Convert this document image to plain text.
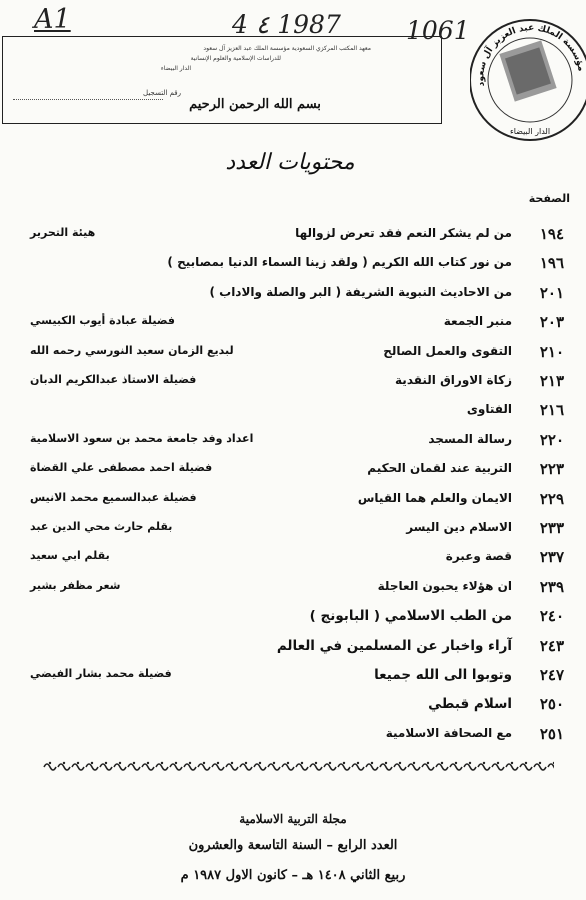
A1	4 ٤ 1987	1061
معهد المكتب المركزي السعودية مؤسسة الملك عبد العزيز آل سعود
للدراسات الإسلامية والعلوم الإنسانية
الدار البيضاء
رقم التسجيل
بسم الله الرحمن الرحيم
مؤسسة الملك عبد العزيز آل سعود
الدار البيضاء
محتويات العدد
الصفحة
١٩٤
من لم يشكر النعم فقد تعرض لزوالها
هيئة التحرير
١٩٦
من نور كتاب الله الكريم ( ولقد زينا السماء الدنيا بمصابيح )
٢٠١
من الاحاديث النبوية الشريفة ( البر والصلة والاداب )
٢٠٣
منبر الجمعة
فضيلة عبادة أيوب الكبيسي
٢١٠
التقوى والعمل الصالح
لبديع الزمان سعيد النورسي رحمه الله
٢١٣
زكاة الاوراق النقدية
فضيلة الاستاذ عبدالكريم الدبان
٢١٦
الفتاوى
٢٢٠
رسالة المسجد
اعداد وفد جامعة محمد بن سعود الاسلامية
٢٢٣
التربية عند لقمان الحكيم
فضيلة احمد مصطفى علي القضاة
٢٢٩
الايمان والعلم هما القياس
فضيلة عبدالسميع محمد الانيس
٢٣٣
الاسلام دين اليسر
بقلم حارث محي الدين عبد
٢٣٧
قصة وعبرة
بقلم ابي سعيد
٢٣٩
ان هؤلاء يحبون العاجلة
شعر مظفر بشير
٢٤٠
من الطب الاسلامي ( البابونج )
٢٤٣
آراء واخبار عن المسلمين في العالم
٢٤٧
وتوبوا الى الله جميعا
فضيلة محمد بشار الفيضي
٢٥٠
اسلام قبطي
٢٥١
مع الصحافة الاسلامية
مجلة التربية الاسلامية
العدد الرابع – السنة التاسعة والعشرون
ربيع الثاني ١٤٠٨ هـ – كانون الاول ١٩٨٧ م
